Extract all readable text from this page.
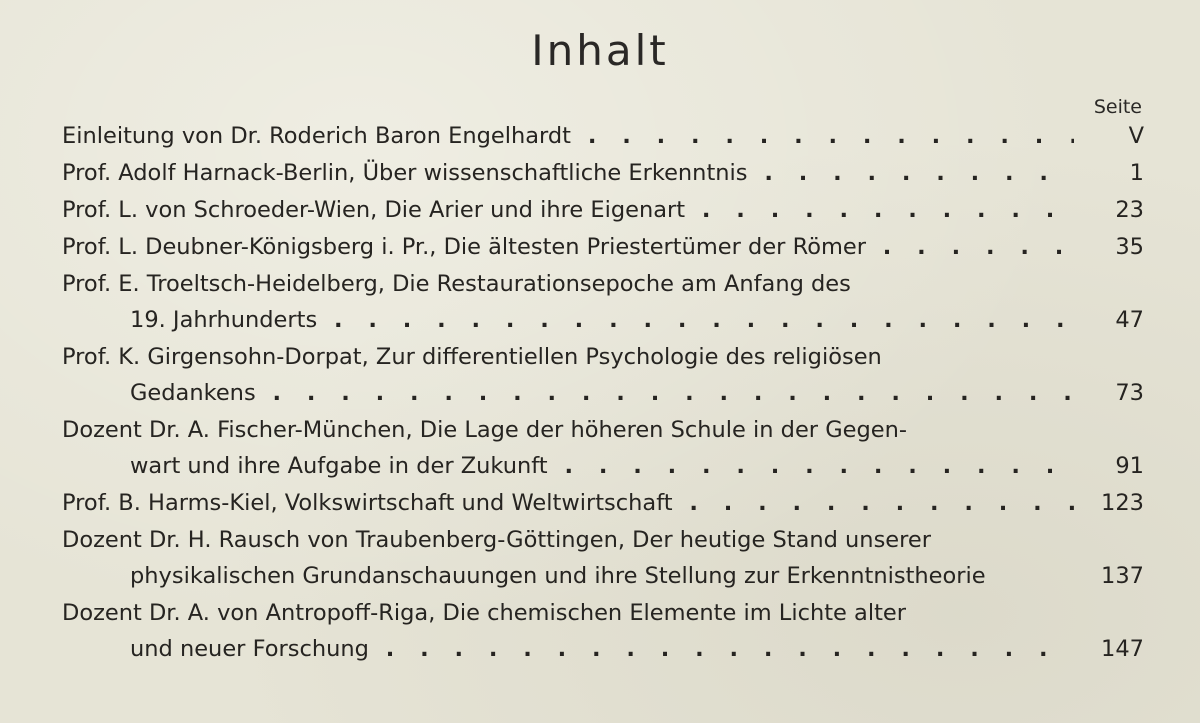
Inhalt
Seite
Einleitung von Dr. Roderich Baron Engelhardt . . .	V
Prof. Adolf Harnack-Berlin, Über wissenschaftliche Erkenntnis . . .	1
Prof. L. von Schroeder-Wien, Die Arier und ihre Eigenart . . .	23
Prof. L. Deubner-Königsberg i. Pr., Die ältesten Priestertümer der Römer . . .	35
Prof. E. Troeltsch-Heidelberg, Die Restaurationsepoche am Anfang des
19. Jahrhunderts . . .	47
Prof. K. Girgensohn-Dorpat, Zur differentiellen Psychologie des religiösen
Gedankens . . .	73
Dozent Dr. A. Fischer-München, Die Lage der höheren Schule in der Gegen-
wart und ihre Aufgabe in der Zukunft . . .	91
Prof. B. Harms-Kiel, Volkswirtschaft und Weltwirtschaft . . .	123
Dozent Dr. H. Rausch von Traubenberg-Göttingen, Der heutige Stand unserer
physikalischen Grundanschauungen und ihre Stellung zur Erkenntnistheorie	137
Dozent Dr. A. von Antropoff-Riga, Die chemischen Elemente im Lichte alter
und neuer Forschung . . .	147
